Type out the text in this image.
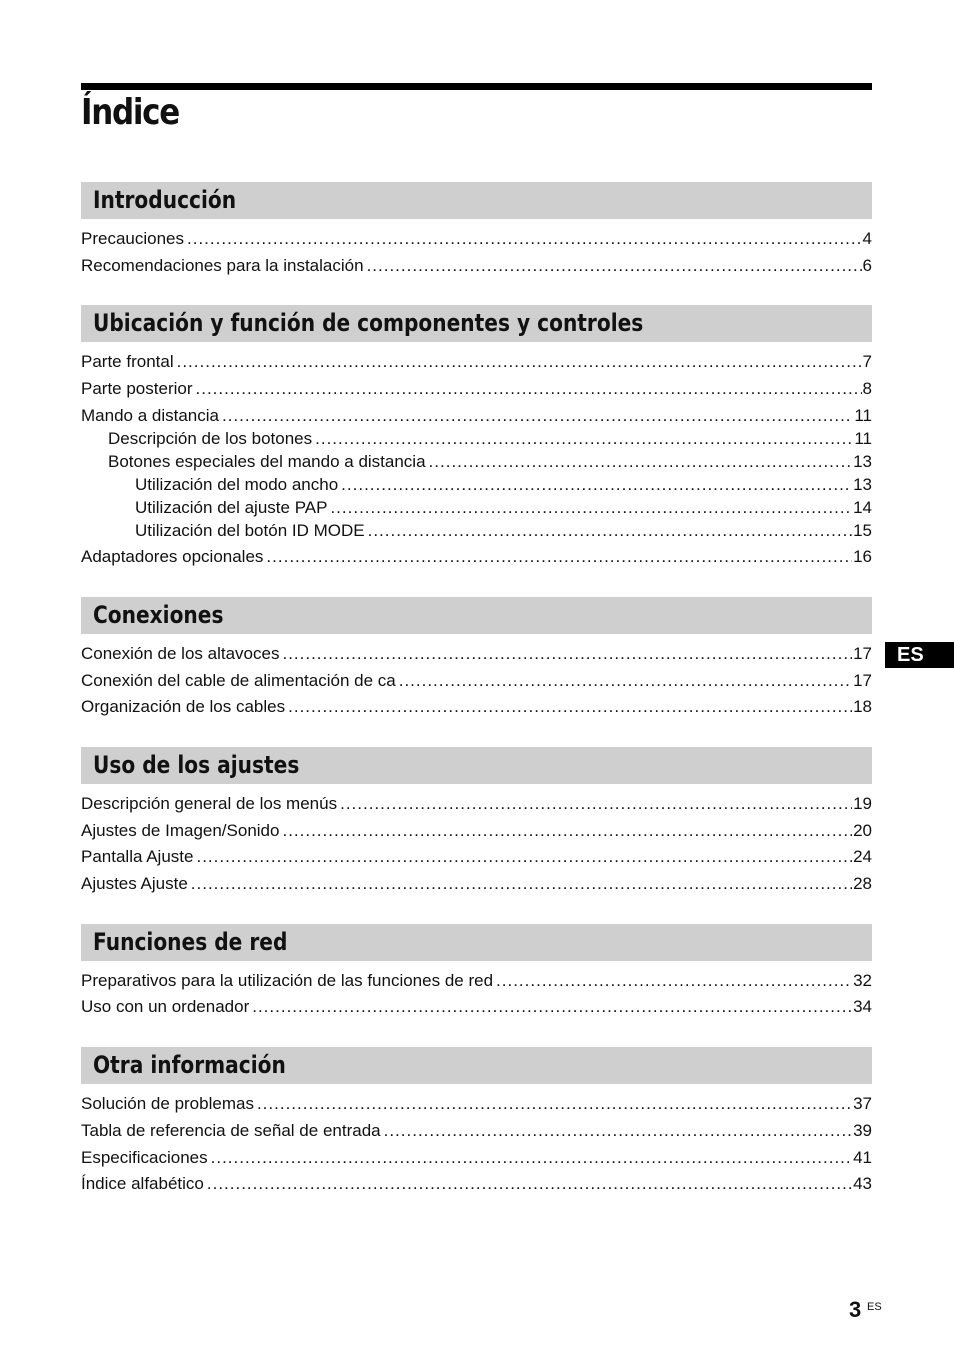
Índice
Introducción
Precauciones .....	4
Recomendaciones para la instalación .....	6
Ubicación y función de componentes y controles
Parte frontal .....	7
Parte posterior .....	8
Mando a distancia .....	11
Descripción de los botones .....	11
Botones especiales del mando a distancia .....	13
Utilización del modo ancho .....	13
Utilización del ajuste PAP .....	14
Utilización del botón ID MODE .....	15
Adaptadores opcionales .....	16
Conexiones
Conexión de los altavoces .....	17
Conexión del cable de alimentación de ca .....	17
Organización de los cables .....	18
Uso de los ajustes
Descripción general de los menús .....	19
Ajustes de Imagen/Sonido .....	20
Pantalla Ajuste .....	24
Ajustes Ajuste .....	28
Funciones de red
Preparativos para la utilización de las funciones de red .....	32
Uso con un ordenador .....	34
Otra información
Solución de problemas .....	37
Tabla de referencia de señal de entrada .....	39
Especificaciones .....	41
Índice alfabético .....	43
ES
3 ES
